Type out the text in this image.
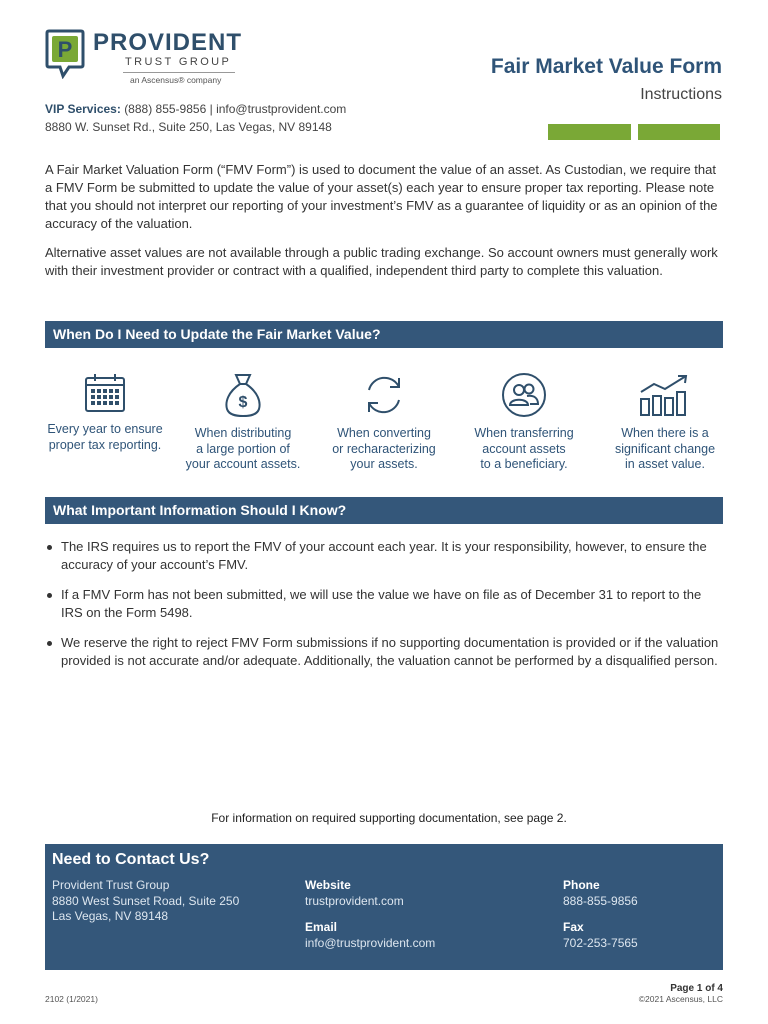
P PROVIDENT
TRUST GROUP
an Ascensus® company
Fair Market Value Form
Instructions
VIP Services: (888) 855-9856 | info@trustprovident.com
8880 W. Sunset Rd., Suite 250, Las Vegas, NV 89148

A Fair Market Valuation Form (“FMV Form”) is used to document the value of an asset. As Custodian, we require that a FMV Form be submitted to update the value of your asset(s) each year to ensure proper tax reporting. Please note that you should not interpret our reporting of your investment’s FMV as a guarantee of liquidity or as an opinion of the accuracy of the valuation.

Alternative asset values are not available through a public trading exchange. So account owners must generally work with their investment provider or contract with a qualified, independent third party to complete this valuation.

When Do I Need to Update the Fair Market Value?
Every year to ensure
proper tax reporting.
$
When distributing
a large portion of
your account assets.
When converting
or recharacterizing
your assets.
When transferring
account assets
to a beneficiary.
When there is a
significant change
in asset value.
What Important Information Should I Know?
The IRS requires us to report the FMV of your account each year. It is your responsibility, however, to ensure the accuracy of your account’s FMV.
If a FMV Form has not been submitted, we will use the value we have on file as of December 31 to report to the IRS on the Form 5498.
We reserve the right to reject FMV Form submissions if no supporting documentation is provided or if the valuation provided is not accurate and/or adequate. Additionally, the valuation cannot be performed by a disqualified person.
For information on required supporting documentation, see page 2.
Need to Contact Us?
Provident Trust Group
8880 West Sunset Road, Suite 250
Las Vegas, NV 89148
Website
trustprovident.com
Email
info@trustprovident.com
Phone
888-855-9856
Fax
702-253-7565
Page 1 of 4
©2021 Ascensus, LLC
2102 (1/2021)
